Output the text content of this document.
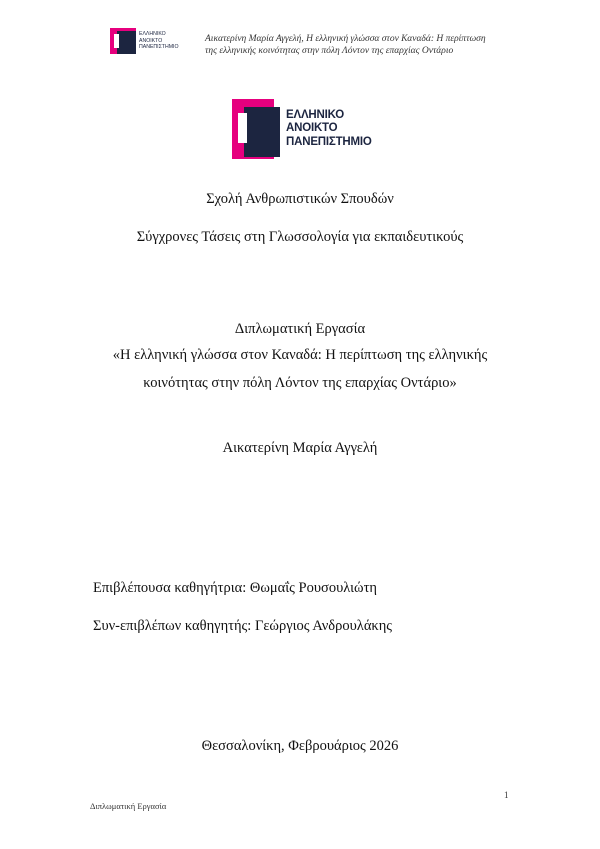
ΕΛΛΗΝΙΚΟ
ΑΝΟΙΚΤΟ
ΠΑΝΕΠΙΣΤΗΜΙΟ
Αικατερίνη Μαρία Αγγελή, Η ελληνική γλώσσα στον Καναδά: Η περίπτωση
της ελληνικής κοινότητας στην πόλη Λόντον της επαρχίας Οντάριο
ΕΛΛΗΝΙΚΟ
ΑΝΟΙΚΤΟ
ΠΑΝΕΠΙΣΤΗΜΙΟ
Σχολή Ανθρωπιστικών Σπουδών
Σύγχρονες Τάσεις στη Γλωσσολογία για εκπαιδευτικούς
Διπλωματική Εργασία
«Η ελληνική γλώσσα στον Καναδά: Η περίπτωση της ελληνικής
κοινότητας στην πόλη Λόντον της επαρχίας Οντάριο»
Αικατερίνη Μαρία Αγγελή
Επιβλέπουσα καθηγήτρια: Θωμαΐς Ρουσουλιώτη
Συν-επιβλέπων καθηγητής: Γεώργιος Ανδρουλάκης
Θεσσαλονίκη, Φεβρουάριος 2026
1
Διπλωματική Εργασία
